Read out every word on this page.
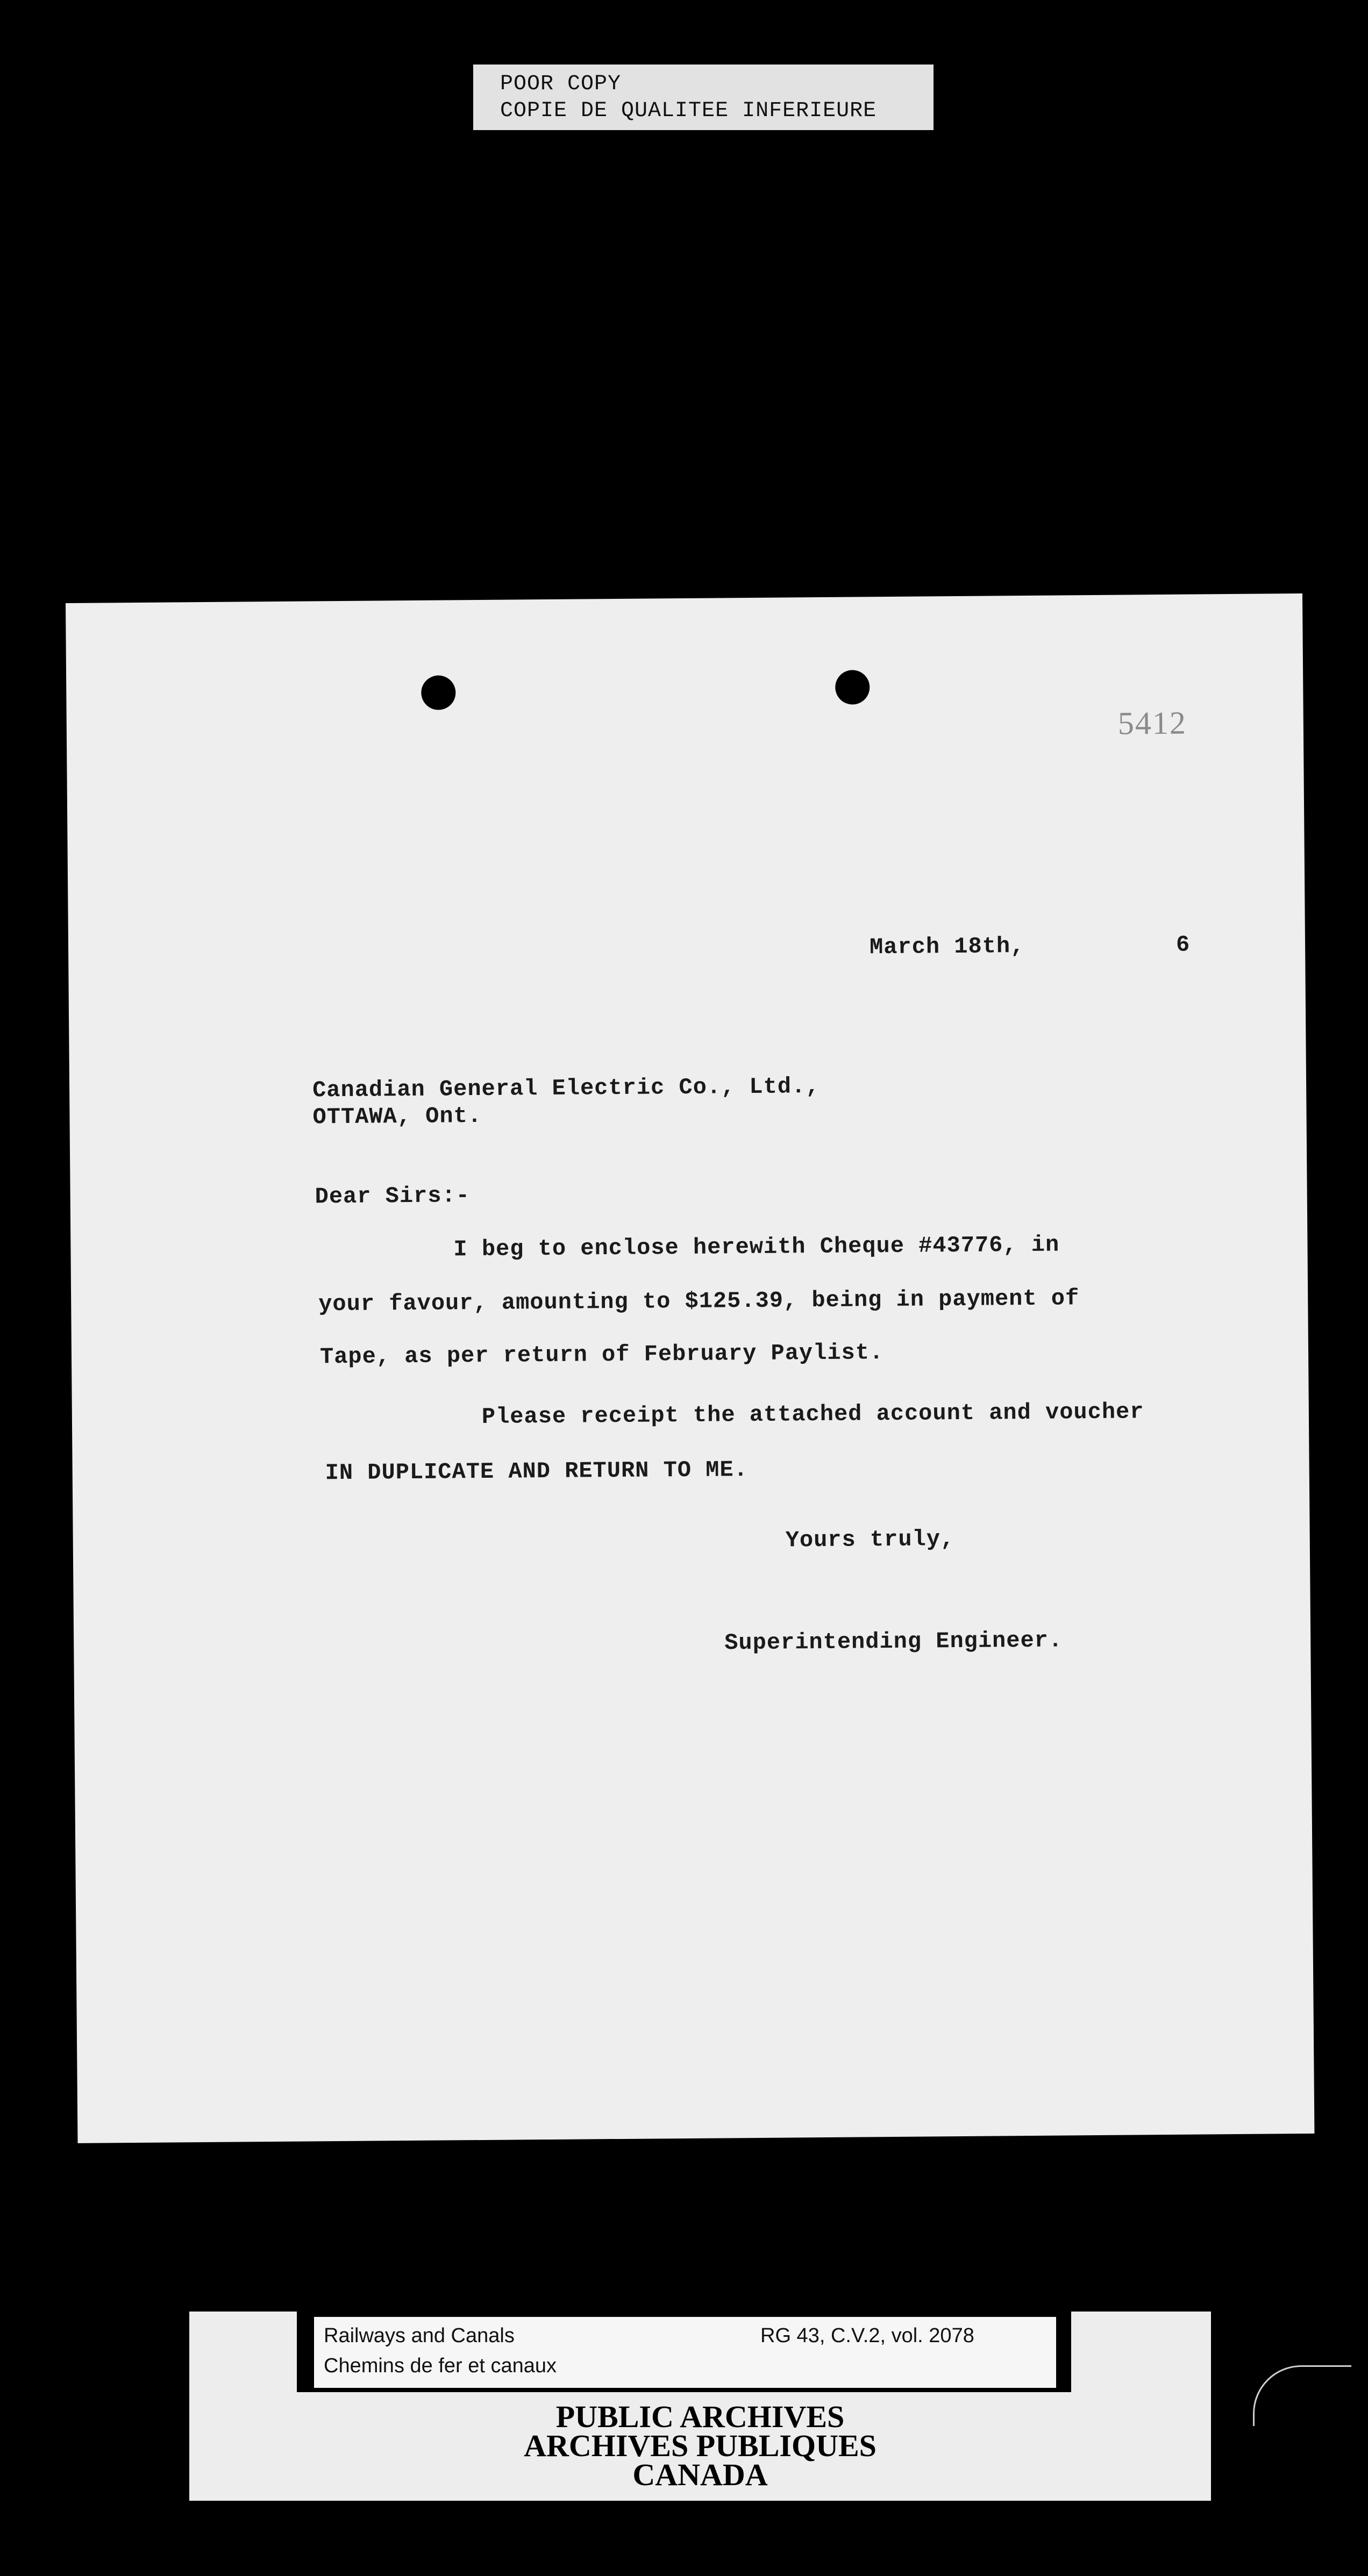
POOR COPY
COPIE DE QUALITEE INFERIEURE
5412
March 18th,	6
Canadian General Electric Co., Ltd.,
OTTAWA, Ont.
Dear Sirs:-
I beg to enclose herewith Cheque #43776, in
your favour, amounting to $125.39, being in payment of
Tape, as per return of February Paylist.
Please receipt the attached account and voucher
IN DUPLICATE AND RETURN TO ME.
Yours truly,
Superintending Engineer.
Railways and Canals
Chemins de fer et canaux
RG 43, C.V.2, vol. 2078
PUBLIC ARCHIVES
ARCHIVES PUBLIQUES
CANADA
